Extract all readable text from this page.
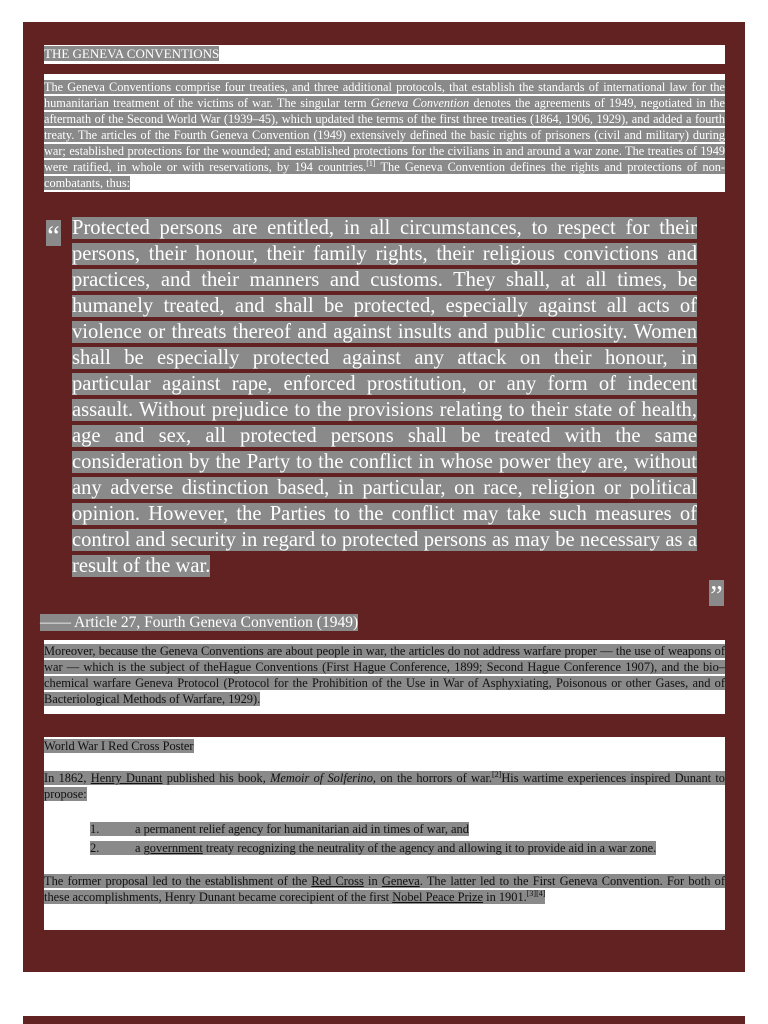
THE GENEVA CONVENTIONS
The Geneva Conventions comprise four treaties, and three additional protocols, that establish the standards of international law for the humanitarian treatment of the victims of war. The singular term Geneva Convention denotes the agreements of 1949, negotiated in the aftermath of the Second World War (1939–45), which updated the terms of the first three treaties (1864, 1906, 1929), and added a fourth treaty. The articles of the Fourth Geneva Convention (1949) extensively defined the basic rights of prisoners (civil and military) during war; established protections for the wounded; and established protections for the civilians in and around a war zone. The treaties of 1949 were ratified, in whole or with reservations, by 194 countries.[1] The Geneva Convention defines the rights and protections of non-combatants, thus:
“ Protected persons are entitled, in all circumstances, to respect for their persons, their honour, their family rights, their religious convictions and practices, and their manners and customs. They shall, at all times, be humanely treated, and shall be protected, especially against all acts of violence or threats thereof and against insults and public curiosity. Women shall be especially protected against any attack on their honour, in particular against rape, enforced prostitution, or any form of indecent assault. Without prejudice to the provisions relating to their state of health, age and sex, all protected persons shall be treated with the same consideration by the Party to the conflict in whose power they are, without any adverse distinction based, in particular, on race, religion or political opinion. However, the Parties to the conflict may take such measures of control and security in regard to protected persons as may be necessary as a result of the war.
”
—— Article 27, Fourth Geneva Convention (1949)
Moreover, because the Geneva Conventions are about people in war, the articles do not address warfare proper — the use of weapons of war — which is the subject of theHague Conventions (First Hague Conference, 1899; Second Hague Conference 1907), and the bio–chemical warfare Geneva Protocol (Protocol for the Prohibition of the Use in War of Asphyxiating, Poisonous or other Gases, and of Bacteriological Methods of Warfare, 1929).
World War I Red Cross Poster
In 1862, Henry Dunant published his book, Memoir of Solferino, on the horrors of war.[2]His wartime experiences inspired Dunant to propose:
1.	a permanent relief agency for humanitarian aid in times of war, and
2.	a government treaty recognizing the neutrality of the agency and allowing it to provide aid in a war zone.
The former proposal led to the establishment of the Red Cross in Geneva. The latter led to the First Geneva Convention. For both of these accomplishments, Henry Dunant became corecipient of the first Nobel Peace Prize in 1901.[3][4]
